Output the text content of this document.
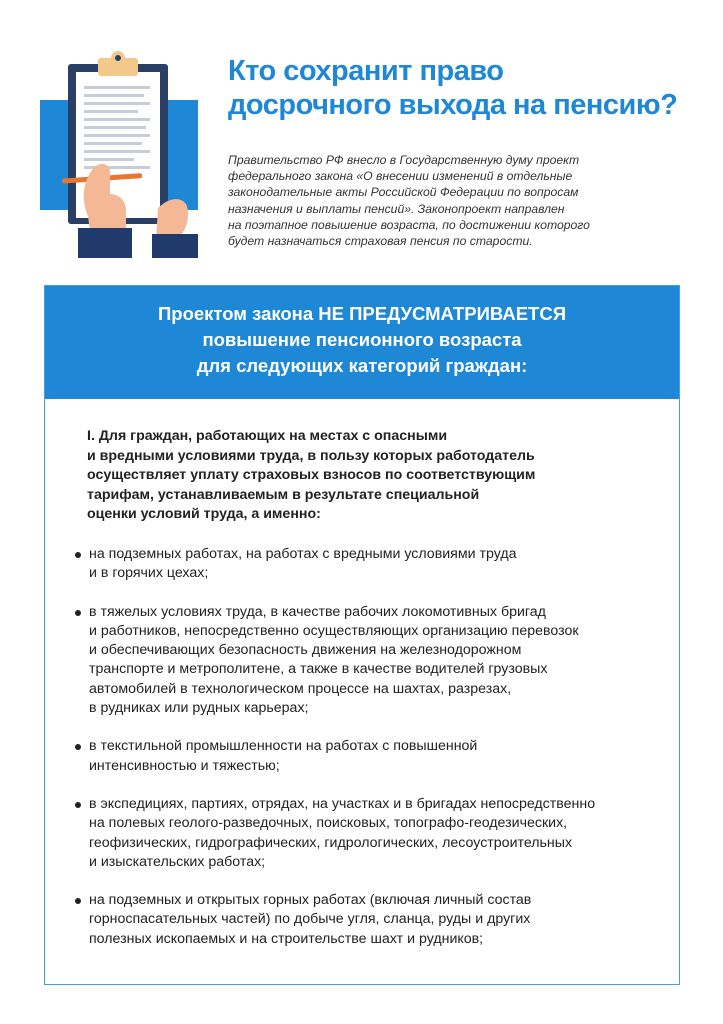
Кто сохранит право
досрочного выхода на пенсию?
Правительство РФ внесло в Государственную думу проект
федерального закона «О внесении изменений в отдельные
законодательные акты Российской Федерации по вопросам
назначения и выплаты пенсий». Законопроект направлен
на поэтапное повышение возраста, по достижении которого
будет назначаться страховая пенсия по старости.
Проектом закона НЕ ПРЕДУСМАТРИВАЕТСЯ
повышение пенсионного возраста
для следующих категорий граждан:
I. Для граждан, работающих на местах с опасными
и вредными условиями труда, в пользу которых работодатель
осуществляет уплату страховых взносов по соответствующим
тарифам, устанавливаемым в результате специальной
оценки условий труда, а именно:
на подземных работах, на работах с вредными условиями труда
и в горячих цехах;
в тяжелых условиях труда, в качестве рабочих локомотивных бригад
и работников, непосредственно осуществляющих организацию перевозок
и обеспечивающих безопасность движения на железнодорожном
транспорте и метрополитене, а также в качестве водителей грузовых
автомобилей в технологическом процессе на шахтах, разрезах,
в рудниках или рудных карьерах;
в текстильной промышленности на работах с повышенной
интенсивностью и тяжестью;
в экспедициях, партиях, отрядах, на участках и в бригадах непосредственно
на полевых геолого-разведочных, поисковых, топографо-геодезических,
геофизических, гидрографических, гидрологических, лесоустроительных
и изыскательских работах;
на подземных и открытых горных работах (включая личный состав
горноспасательных частей) по добыче угля, сланца, руды и других
полезных ископаемых и на строительстве шахт и рудников;
